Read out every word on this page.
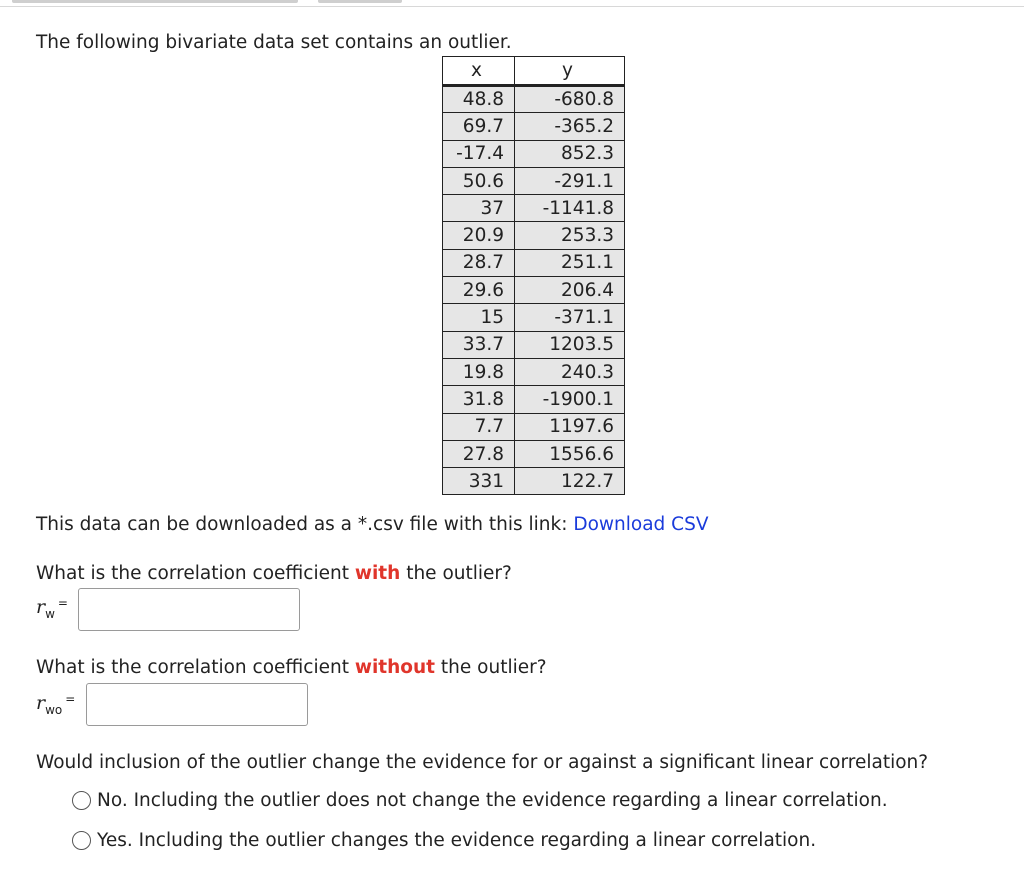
The following bivariate data set contains an outlier.
x	y
48.8	-680.8
69.7	-365.2
-17.4	852.3
50.6	-291.1
37	-1141.8
20.9	253.3
28.7	251.1
29.6	206.4
15	-371.1
33.7	1203.5
19.8	240.3
31.8	-1900.1
7.7	1197.6
27.8	1556.6
331	122.7
This data can be downloaded as a *.csv file with this link: Download CSV
What is the correlation coefficient with the outlier?
$r_w^=$
What is the correlation coefficient without the outlier?
$r_{wo}^=$
Would inclusion of the outlier change the evidence for or against a significant linear correlation?
No. Including the outlier does not change the evidence regarding a linear correlation.
Yes. Including the outlier changes the evidence regarding a linear correlation.
